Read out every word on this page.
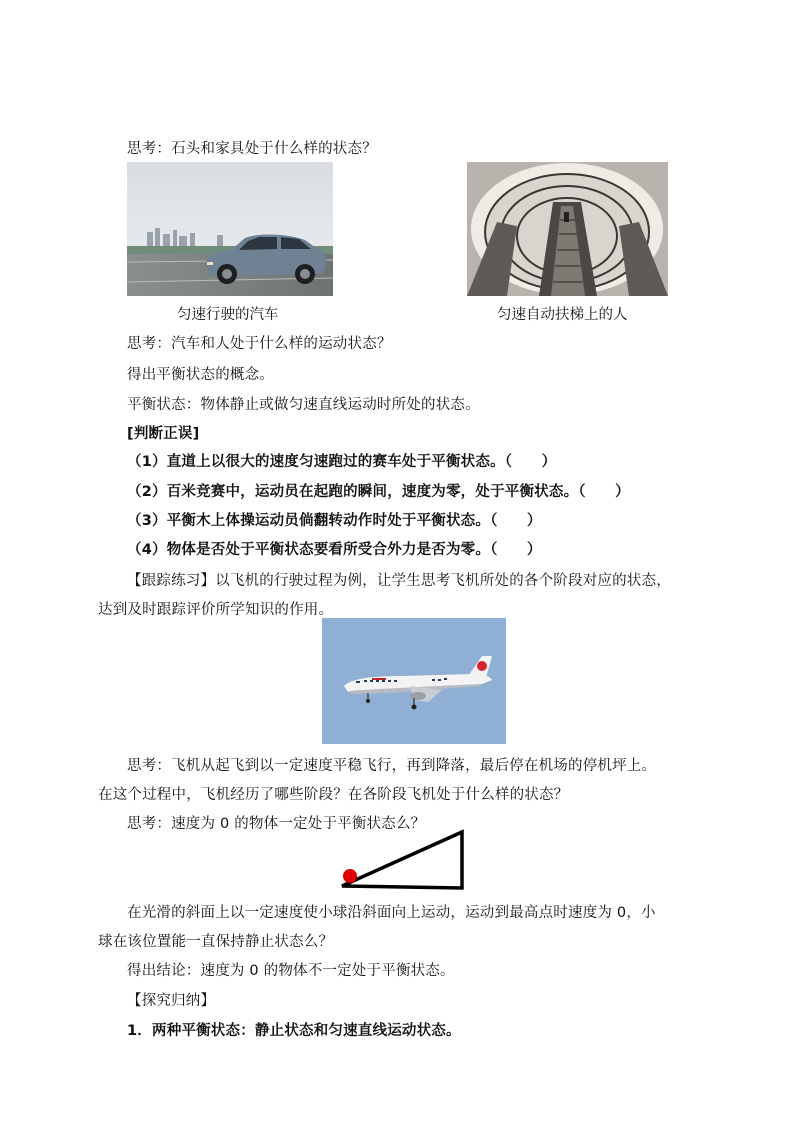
思考：石头和家具处于什么样的状态？
匀速行驶的汽车	匀速自动扶梯上的人
思考：汽车和人处于什么样的运动状态？
得出平衡状态的概念。
平衡状态：物体静止或做匀速直线运动时所处的状态。
[判断正误]
（1）直道上以很大的速度匀速跑过的赛车处于平衡状态。（　　）
（2）百米竞赛中，运动员在起跑的瞬间，速度为零，处于平衡状态。（　　）
（3）平衡木上体操运动员倘翻转动作时处于平衡状态。（　　）
（4）物体是否处于平衡状态要看所受合外力是否为零。（　　）
【跟踪练习】以飞机的行驶过程为例，让学生思考飞机所处的各个阶段对应的状态，
达到及时跟踪评价所学知识的作用。
思考：飞机从起飞到以一定速度平稳飞行，再到降落，最后停在机场的停机坪上。
在这个过程中，飞机经历了哪些阶段？在各阶段飞机处于什么样的状态？
思考：速度为 0 的物体一定处于平衡状态么？
在光滑的斜面上以一定速度使小球沿斜面向上运动，运动到最高点时速度为 0，小
球在该位置能一直保持静止状态么？
得出结论：速度为 0 的物体不一定处于平衡状态。
【探究归纳】
1．两种平衡状态：静止状态和匀速直线运动状态。
